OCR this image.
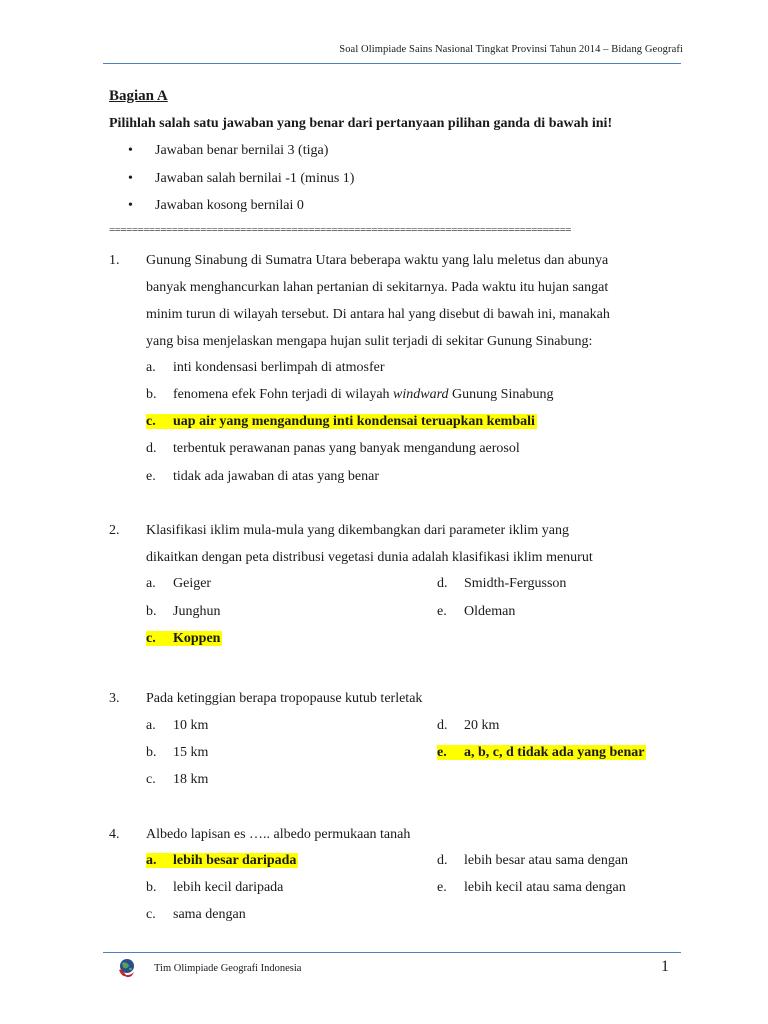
Soal Olimpiade Sains Nasional Tingkat Provinsi Tahun 2014 – Bidang Geografi
Bagian A
Pilihlah salah satu jawaban yang benar dari pertanyaan pilihan ganda di bawah ini!
• Jawaban benar bernilai 3 (tiga)
• Jawaban salah bernilai -1 (minus 1)
• Jawaban kosong bernilai 0
=================================================================================
1.	Gunung Sinabung di Sumatra Utara beberapa waktu yang lalu meletus dan abunya
banyak menghancurkan lahan pertanian di sekitarnya. Pada waktu itu hujan sangat
minim turun di wilayah tersebut. Di antara hal yang disebut di bawah ini, manakah
yang bisa menjelaskan mengapa hujan sulit terjadi di sekitar Gunung Sinabung:
a. inti kondensasi berlimpah di atmosfer
b. fenomena efek Fohn terjadi di wilayah windward Gunung Sinabung
c. uap air yang mengandung inti kondensai teruapkan kembali
d. terbentuk perawanan panas yang banyak mengandung aerosol
e. tidak ada jawaban di atas yang benar
2.	Klasifikasi iklim mula-mula yang dikembangkan dari parameter iklim yang
dikaitkan dengan peta distribusi vegetasi dunia adalah klasifikasi iklim menurut
a. Geiger	d. Smidth-Fergusson
b. Junghun	e. Oldeman
c. Koppen
3.	Pada ketinggian berapa tropopause kutub terletak
a. 10 km	d. 20 km
b. 15 km	e. a, b, c, d tidak ada yang benar
c. 18 km
4.	Albedo lapisan es ….. albedo permukaan tanah
a. lebih besar daripada	d. lebih besar atau sama dengan
b. lebih kecil daripada	e. lebih kecil atau sama dengan
c. sama dengan
Tim Olimpiade Geografi Indonesia	1
